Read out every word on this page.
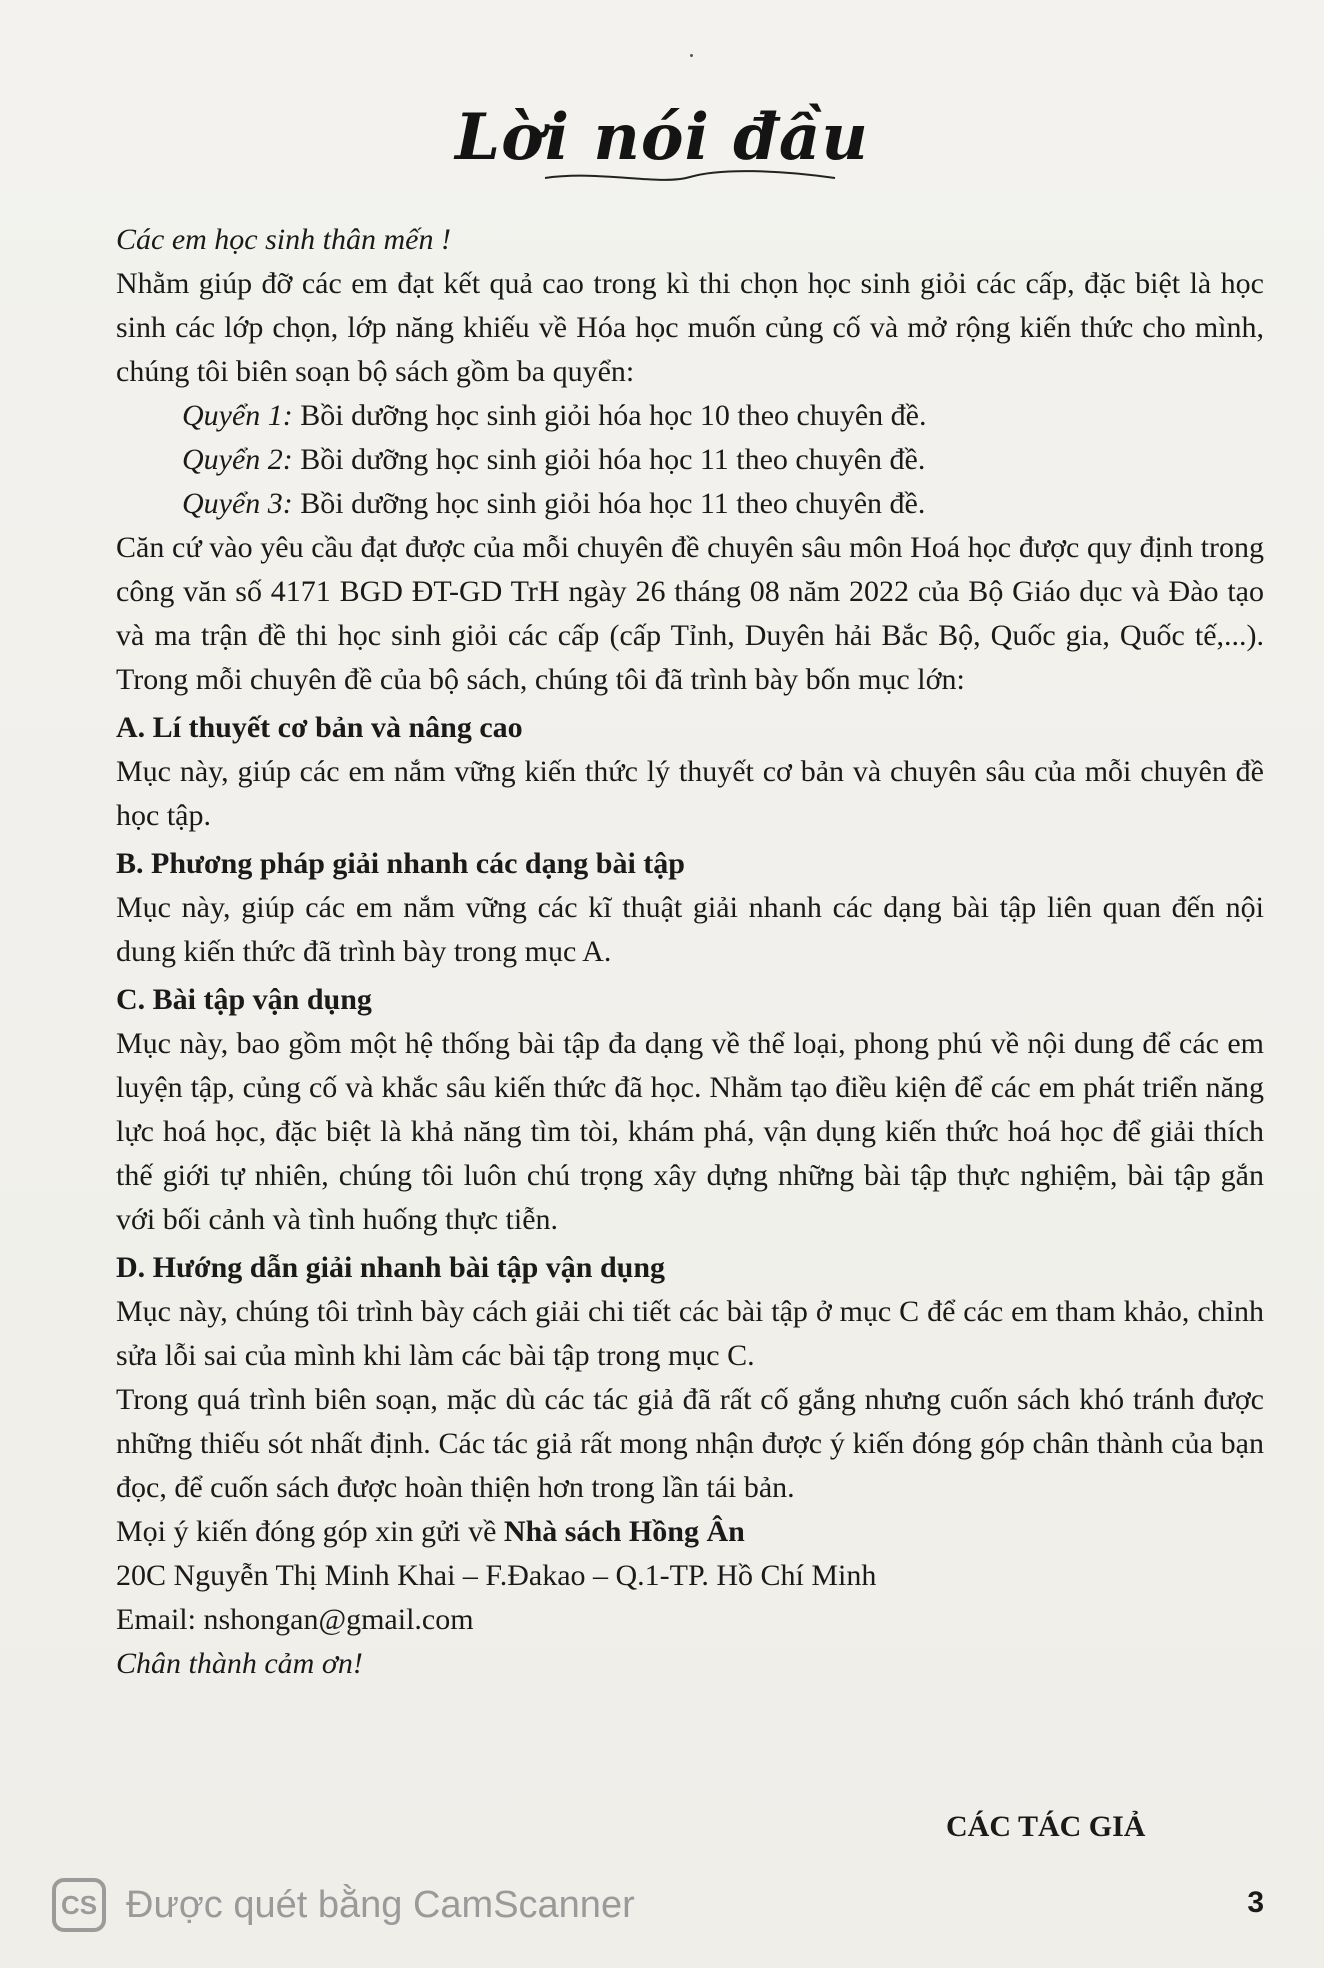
Lời nói đầu

Các em học sinh thân mến !

Nhằm giúp đỡ các em đạt kết quả cao trong kì thi chọn học sinh giỏi các cấp, đặc biệt là học sinh các lớp chọn, lớp năng khiếu về Hóa học muốn củng cố và mở rộng kiến thức cho mình, chúng tôi biên soạn bộ sách gồm ba quyển:

Quyển 1: Bồi dưỡng học sinh giỏi hóa học 10 theo chuyên đề.

Quyển 2: Bồi dưỡng học sinh giỏi hóa học 11 theo chuyên đề.

Quyển 3: Bồi dưỡng học sinh giỏi hóa học 11 theo chuyên đề.

Căn cứ vào yêu cầu đạt được của mỗi chuyên đề chuyên sâu môn Hoá học được quy định trong công văn số 4171 BGD ĐT-GD TrH ngày 26 tháng 08 năm 2022 của Bộ Giáo dục và Đào tạo và ma trận đề thi học sinh giỏi các cấp (cấp Tỉnh, Duyên hải Bắc Bộ, Quốc gia, Quốc tế,...). Trong mỗi chuyên đề của bộ sách, chúng tôi đã trình bày bốn mục lớn:

A. Lí thuyết cơ bản và nâng cao

Mục này, giúp các em nắm vững kiến thức lý thuyết cơ bản và chuyên sâu của mỗi chuyên đề học tập.

B. Phương pháp giải nhanh các dạng bài tập

Mục này, giúp các em nắm vững các kĩ thuật giải nhanh các dạng bài tập liên quan đến nội dung kiến thức đã trình bày trong mục A.

C. Bài tập vận dụng

Mục này, bao gồm một hệ thống bài tập đa dạng về thể loại, phong phú về nội dung để các em luyện tập, củng cố và khắc sâu kiến thức đã học. Nhằm tạo điều kiện để các em phát triển năng lực hoá học, đặc biệt là khả năng tìm tòi, khám phá, vận dụng kiến thức hoá học để giải thích thế giới tự nhiên, chúng tôi luôn chú trọng xây dựng những bài tập thực nghiệm, bài tập gắn với bối cảnh và tình huống thực tiễn.

D. Hướng dẫn giải nhanh bài tập vận dụng

Mục này, chúng tôi trình bày cách giải chi tiết các bài tập ở mục C để các em tham khảo, chỉnh sửa lỗi sai của mình khi làm các bài tập trong mục C.

Trong quá trình biên soạn, mặc dù các tác giả đã rất cố gắng nhưng cuốn sách khó tránh được những thiếu sót nhất định. Các tác giả rất mong nhận được ý kiến đóng góp chân thành của bạn đọc, để cuốn sách được hoàn thiện hơn trong lần tái bản.

Mọi ý kiến đóng góp xin gửi về Nhà sách Hồng Ân

20C Nguyễn Thị Minh Khai – F.Đakao – Q.1-TP. Hồ Chí Minh

Email: nshongan@gmail.com

Chân thành cảm ơn!

CÁC TÁC GIẢ
CS Được quét bằng CamScanner	3
